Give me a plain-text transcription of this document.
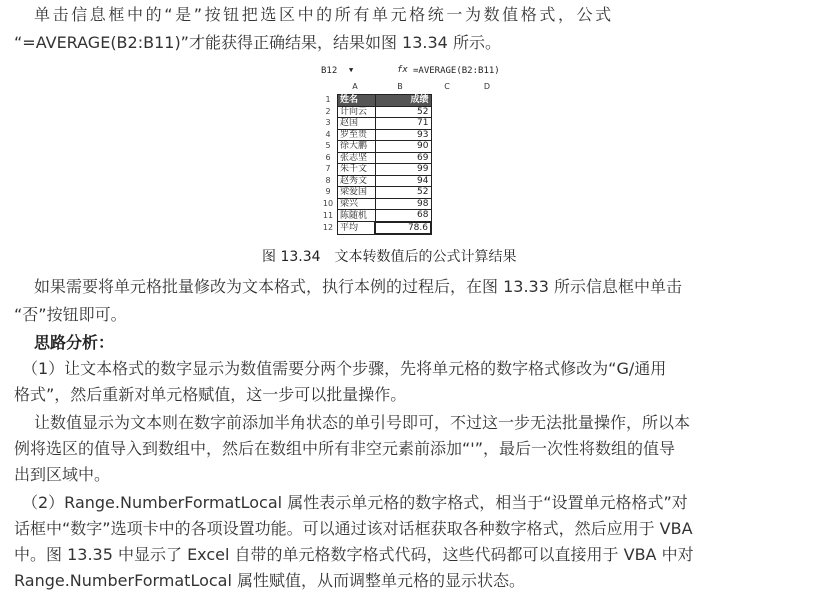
单击信息框中的“是”按钮把选区中的所有单元格统一为数值格式，公式
“=AVERAGE(B2:B11)”才能获得正确结果，结果如图 13.34 所示。
B12 ▼	fx =AVERAGE(B2:B11)
A	B	C	D
1	姓名	成绩
2	计向云	52
3	赵国	71
4	罗至贵	93
5	徐大鹏	90
6	张志坚	69
7	朱千文	99
8	赵秀文	94
9	梁爱国	52
10	梁兴	98
11	陈随机	68
12	平均	78.6
图 13.34 文本转数值后的公式计算结果
如果需要将单元格批量修改为文本格式，执行本例的过程后，在图 13.33 所示信息框中单击
“否”按钮即可。
思路分析：
（1）让文本格式的数字显示为数值需要分两个步骤，先将单元格的数字格式修改为“G/通用
格式”，然后重新对单元格赋值，这一步可以批量操作。
让数值显示为文本则在数字前添加半角状态的单引号即可，不过这一步无法批量操作，所以本
例将选区的值导入到数组中，然后在数组中所有非空元素前添加“'”，最后一次性将数组的值导
出到区域中。
（2）Range.NumberFormatLocal 属性表示单元格的数字格式，相当于“设置单元格格式”对
话框中“数字”选项卡中的各项设置功能。可以通过该对话框获取各种数字格式，然后应用于 VBA
中。图 13.35 中显示了 Excel 自带的单元格数字格式代码，这些代码都可以直接用于 VBA 中对
Range.NumberFormatLocal 属性赋值，从而调整单元格的显示状态。
